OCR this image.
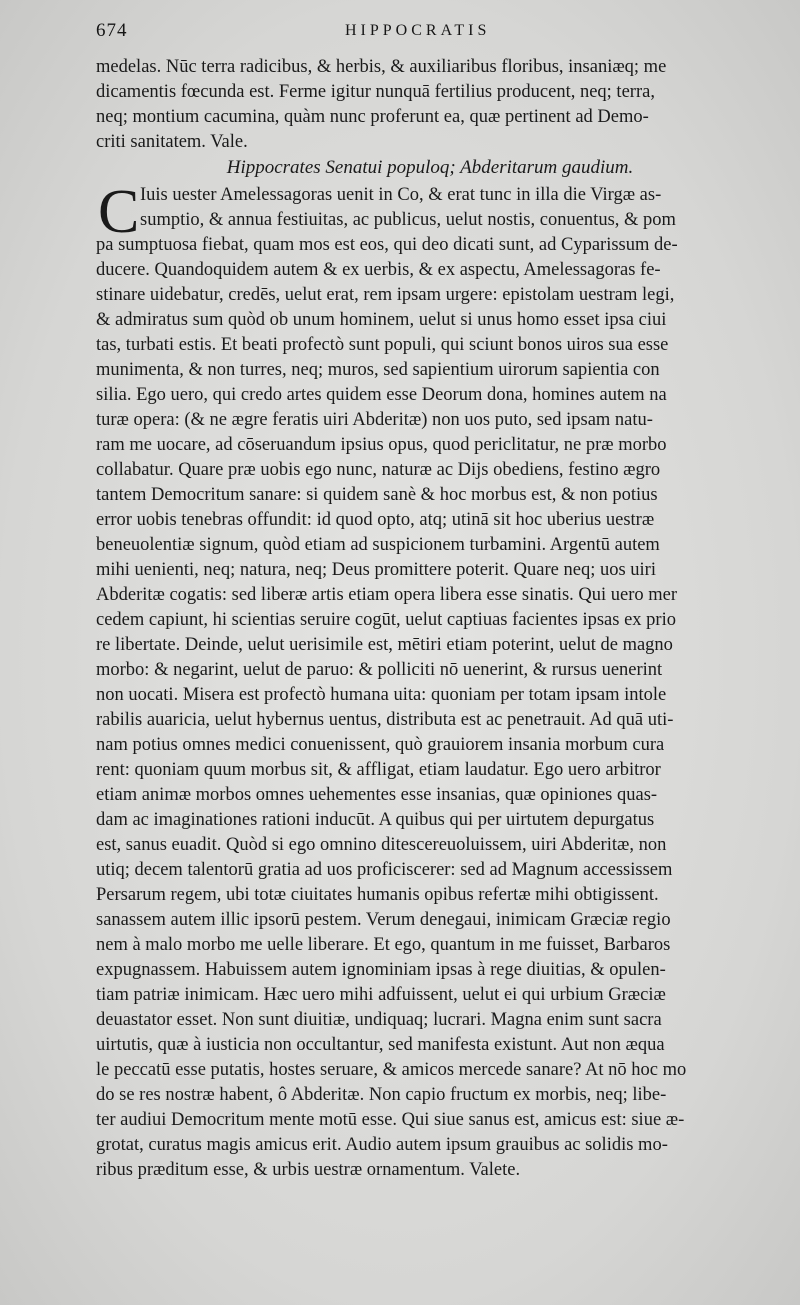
674	HIPPOCRATIS
medelas. Nūc terra radicibus, & herbis, & auxiliaribus floribus, insaniæq; me
dicamentis fœcunda est. Ferme igitur nunquā fertilius producent, neq; terra,
neq; montium cacumina, quàm nunc proferunt ea, quæ pertinent ad Demo-
criti sanitatem. Vale.
Hippocrates Senatui populoq; Abderitarum gaudium.
C Iuis uester Amelessagoras uenit in Co, & erat tunc in illa die Virgæ as-
sumptio, & annua festiuitas, ac publicus, uelut nostis, conuentus, & pom
pa sumptuosa fiebat, quam mos est eos, qui deo dicati sunt, ad Cyparissum de-
ducere. Quandoquidem autem & ex uerbis, & ex aspectu, Amelessagoras fe-
stinare uidebatur, credēs, uelut erat, rem ipsam urgere: epistolam uestram legi,
& admiratus sum quòd ob unum hominem, uelut si unus homo esset ipsa ciui
tas, turbati estis. Et beati profectò sunt populi, qui sciunt bonos uiros sua esse
munimenta, & non turres, neq; muros, sed sapientium uirorum sapientia con
silia. Ego uero, qui credo artes quidem esse Deorum dona, homines autem na
turæ opera: (& ne ægre feratis uiri Abderitæ) non uos puto, sed ipsam natu-
ram me uocare, ad cōseruandum ipsius opus, quod periclitatur, ne præ morbo
collabatur. Quare præ uobis ego nunc, naturæ ac Dijs obediens, festino ægro
tantem Democritum sanare: si quidem sanè & hoc morbus est, & non potius
error uobis tenebras offundit: id quod opto, atq; utinā sit hoc uberius uestræ
beneuolentiæ signum, quòd etiam ad suspicionem turbamini. Argentū autem
mihi uenienti, neq; natura, neq; Deus promittere poterit. Quare neq; uos uiri
Abderitæ cogatis: sed liberæ artis etiam opera libera esse sinatis. Qui uero mer
cedem capiunt, hi scientias seruire cogūt, uelut captiuas facientes ipsas ex prio
re libertate. Deinde, uelut uerisimile est, mētiri etiam poterint, uelut de magno
morbo: & negarint, uelut de paruo: & polliciti nō uenerint, & rursus uenerint
non uocati. Misera est profectò humana uita: quoniam per totam ipsam intole
rabilis auaricia, uelut hybernus uentus, distributa est ac penetrauit. Ad quā uti-
nam potius omnes medici conuenissent, quò grauiorem insania morbum cura
rent: quoniam quum morbus sit, & affligat, etiam laudatur. Ego uero arbitror
etiam animæ morbos omnes uehementes esse insanias, quæ opiniones quas-
dam ac imaginationes rationi inducūt. A quibus qui per uirtutem depurgatus
est, sanus euadit. Quòd si ego omnino ditescereuoluissem, uiri Abderitæ, non
utiq; decem talentorū gratia ad uos proficiscerer: sed ad Magnum accessissem
Persarum regem, ubi totæ ciuitates humanis opibus refertæ mihi obtigissent.
sanassem autem illic ipsorū pestem. Verum denegaui, inimicam Græciæ regio
nem à malo morbo me uelle liberare. Et ego, quantum in me fuisset, Barbaros
expugnassem. Habuissem autem ignominiam ipsas à rege diuitias, & opulen-
tiam patriæ inimicam. Hæc uero mihi adfuissent, uelut ei qui urbium Græciæ
deuastator esset. Non sunt diuitiæ, undiquaq; lucrari. Magna enim sunt sacra
uirtutis, quæ à iusticia non occultantur, sed manifesta existunt. Aut non æqua
le peccatū esse putatis, hostes seruare, & amicos mercede sanare? At nō hoc mo
do se res nostræ habent, ô Abderitæ. Non capio fructum ex morbis, neq; libe-
ter audiui Democritum mente motū esse. Qui siue sanus est, amicus est: siue æ-
grotat, curatus magis amicus erit. Audio autem ipsum grauibus ac solidis mo-
ribus præditum esse, & urbis uestræ ornamentum. Valete.
